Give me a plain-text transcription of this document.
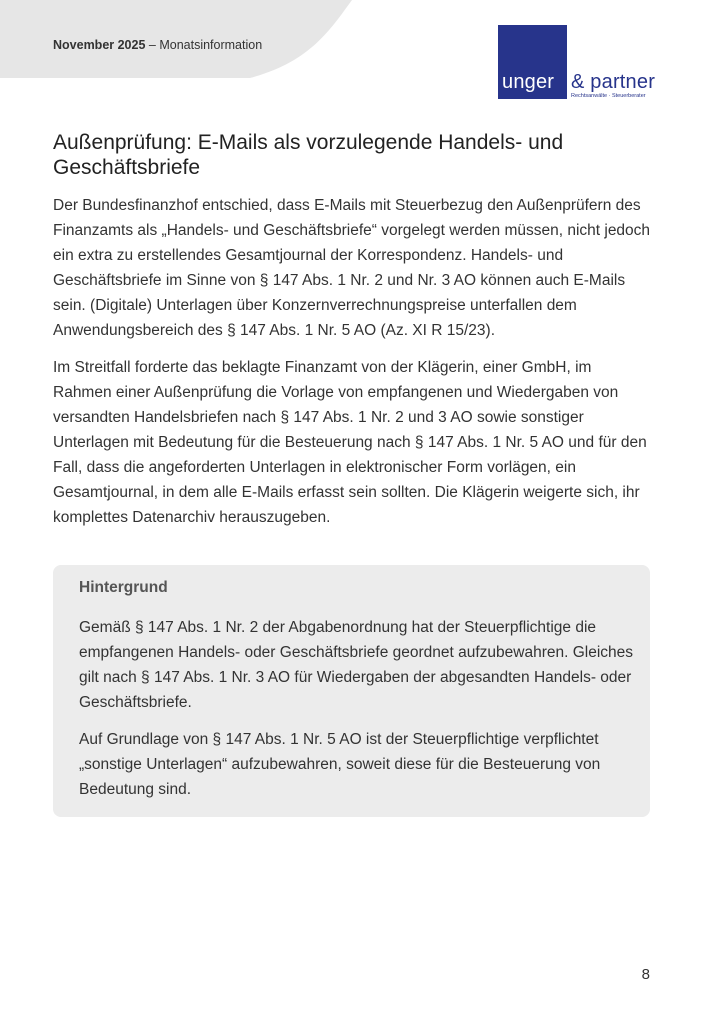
November 2025 – Monatsinformation
unger & partner
Rechtsanwälte · Steuerberater
Außenprüfung: E-Mails als vorzulegende Handels- und Geschäftsbriefe

Der Bundesfinanzhof entschied, dass E-Mails mit Steuerbezug den Außenprüfern des Finanzamts als „Handels- und Geschäftsbriefe“ vorgelegt werden müssen, nicht jedoch ein extra zu erstellendes Gesamtjournal der Korrespondenz. Handels- und Geschäftsbriefe im Sinne von § 147 Abs. 1 Nr. 2 und Nr. 3 AO können auch E-Mails sein. (Digitale) Unterlagen über Konzernverrechnungspreise unterfallen dem Anwendungsbereich des § 147 Abs. 1 Nr. 5 AO (Az. XI R 15/23).

Im Streitfall forderte das beklagte Finanzamt von der Klägerin, einer GmbH, im Rahmen einer Außenprüfung die Vorlage von empfangenen und Wiedergaben von versandten Handelsbriefen nach § 147 Abs. 1 Nr. 2 und 3 AO sowie sonstiger Unterlagen mit Bedeutung für die Besteuerung nach § 147 Abs. 1 Nr. 5 AO und für den Fall, dass die angeforderten Unterlagen in elektronischer Form vorlägen, ein Gesamtjournal, in dem alle E-Mails erfasst sein sollten. Die Klägerin weigerte sich, ihr komplettes Datenarchiv herauszugeben.

Hintergrund

Gemäß § 147 Abs. 1 Nr. 2 der Abgabenordnung hat der Steuerpflichtige die empfangenen Handels- oder Geschäftsbriefe geordnet aufzubewahren. Gleiches gilt nach § 147 Abs. 1 Nr. 3 AO für Wiedergaben der abgesandten Handels- oder Geschäftsbriefe.

Auf Grundlage von § 147 Abs. 1 Nr. 5 AO ist der Steuerpflichtige verpflichtet „sonstige Unterlagen“ aufzubewahren, soweit diese für die Besteuerung von Bedeutung sind.

8
